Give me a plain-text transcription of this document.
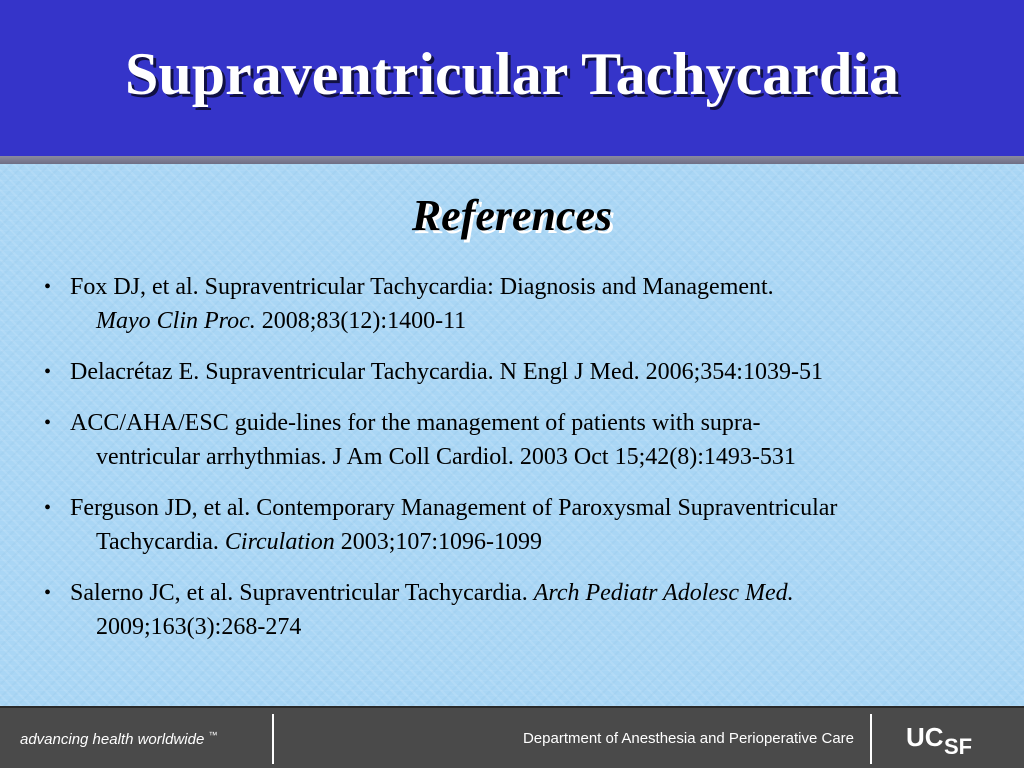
Supraventricular Tachycardia
References
• Fox DJ, et al. Supraventricular Tachycardia: Diagnosis and Management.
Mayo Clin Proc. 2008;83(12):1400-11
• Delacrétaz E. Supraventricular Tachycardia. N Engl J Med. 2006;354:1039-51
• ACC/AHA/ESC guide-lines for the management of patients with supra-
ventricular arrhythmias. J Am Coll Cardiol. 2003 Oct 15;42(8):1493-531
• Ferguson JD, et al. Contemporary Management of Paroxysmal Supraventricular
Tachycardia. Circulation 2003;107:1096-1099
• Salerno JC, et al. Supraventricular Tachycardia. Arch Pediatr Adolesc Med.
2009;163(3):268-274
advancing health worldwide ™	Department of Anesthesia and Perioperative Care UC SF
